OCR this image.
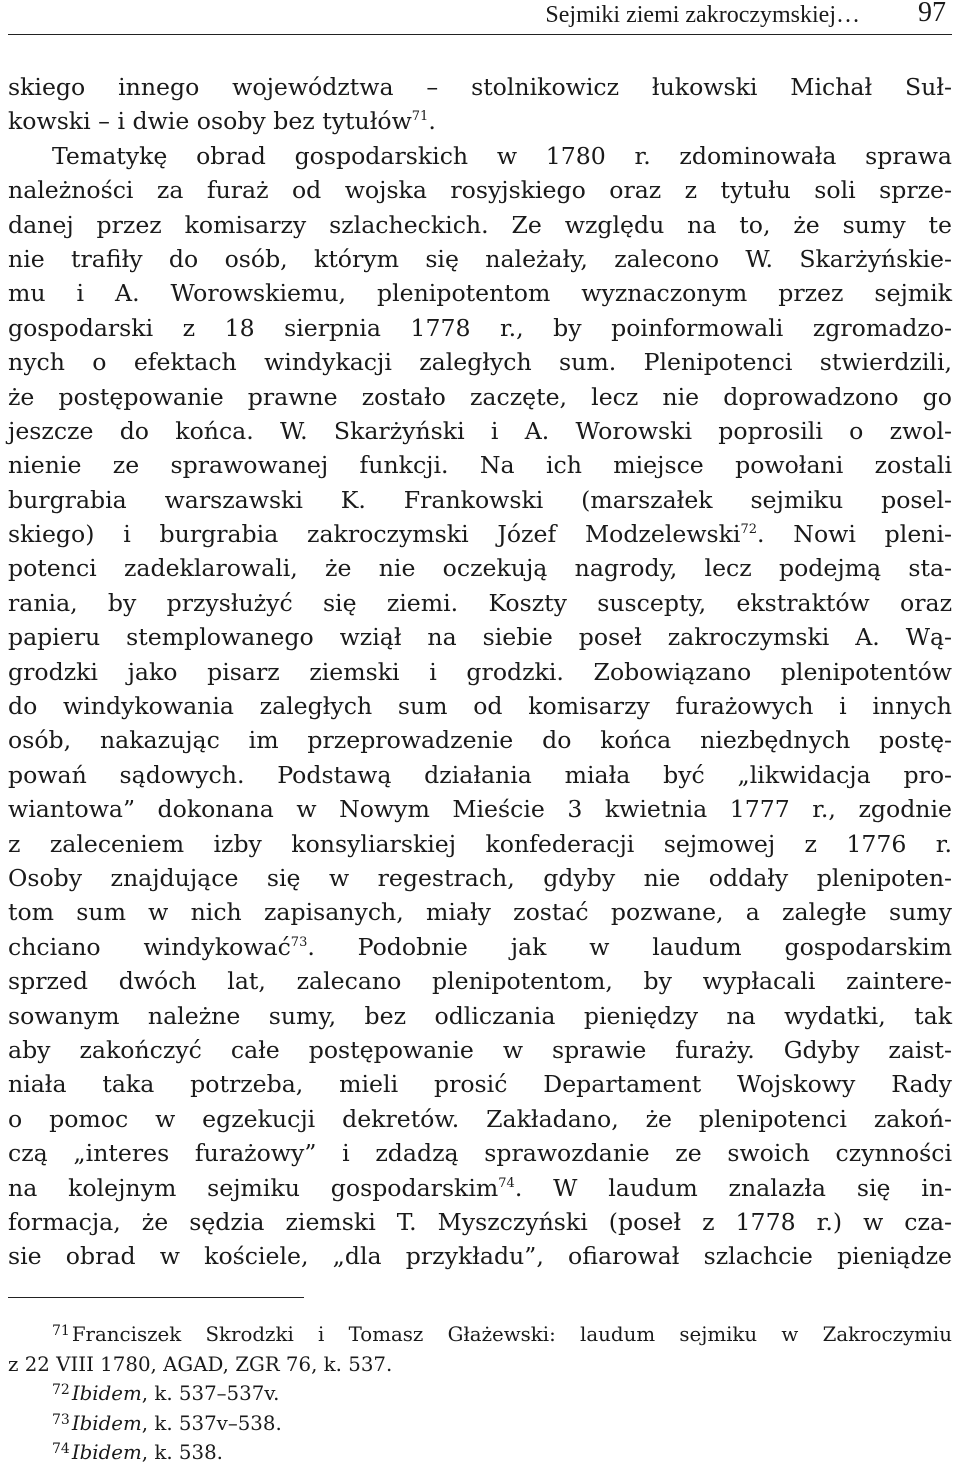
Sejmiki ziemi zakroczymskiej… 97
skiego innego województwa – stolnikowicz łukowski Michał Suł-
kowski – i dwie osoby bez tytułów$^{71}$.
Tematykę obrad gospodarskich w 1780 r. zdominowała sprawa
należności za furaż od wojska rosyjskiego oraz z tytułu soli sprze-
danej przez komisarzy szlacheckich. Ze względu na to, że sumy te
nie trafiły do osób, którym się należały, zalecono W. Skarżyńskie-
mu i A. Worowskiemu, plenipotentom wyznaczonym przez sejmik
gospodarski z 18 sierpnia 1778 r., by poinformowali zgromadzo-
nych o efektach windykacji zaległych sum. Plenipotenci stwierdzili,
że postępowanie prawne zostało zaczęte, lecz nie doprowadzono go
jeszcze do końca. W. Skarżyński i A. Worowski poprosili o zwol-
nienie ze sprawowanej funkcji. Na ich miejsce powołani zostali
burgrabia warszawski K. Frankowski (marszałek sejmiku posel-
skiego) i burgrabia zakroczymski Józef Modzelewski$^{72}$. Nowi pleni-
potenci zadeklarowali, że nie oczekują nagrody, lecz podejmą sta-
rania, by przysłużyć się ziemi. Koszty suscepty, ekstraktów oraz
papieru stemplowanego wziął na siebie poseł zakroczymski A. Wą-
grodzki jako pisarz ziemski i grodzki. Zobowiązano plenipotentów
do windykowania zaległych sum od komisarzy furażowych i innych
osób, nakazując im przeprowadzenie do końca niezbędnych postę-
powań sądowych. Podstawą działania miała być „likwidacja pro-
wiantowa” dokonana w Nowym Mieście 3 kwietnia 1777 r., zgodnie
z zaleceniem izby konsyliarskiej konfederacji sejmowej z 1776 r.
Osoby znajdujące się w regestrach, gdyby nie oddały plenipoten-
tom sum w nich zapisanych, miały zostać pozwane, a zaległe sumy
chciano windykować$^{73}$. Podobnie jak w laudum gospodarskim
sprzed dwóch lat, zalecano plenipotentom, by wypłacali zaintere-
sowanym należne sumy, bez odliczania pieniędzy na wydatki, tak
aby zakończyć całe postępowanie w sprawie furaży. Gdyby zaist-
niała taka potrzeba, mieli prosić Departament Wojskowy Rady
o pomoc w egzekucji dekretów. Zakładano, że plenipotenci zakoń-
czą „interes furażowy” i zdadzą sprawozdanie ze swoich czynności
na kolejnym sejmiku gospodarskim$^{74}$. W laudum znalazła się in-
formacja, że sędzia ziemski T. Myszczyński (poseł z 1778 r.) w cza-
sie obrad w kościele, „dla przykładu”, ofiarował szlachcie pieniądze
$^{71}$ Franciszek Skrodzki i Tomasz Głażewski: laudum sejmiku w Zakroczymiu
z 22 VIII 1780, AGAD, ZGR 76, k. 537.
$^{72}$ Ibidem, k. 537–537v.
$^{73}$ Ibidem, k. 537v–538.
$^{74}$ Ibidem, k. 538.
